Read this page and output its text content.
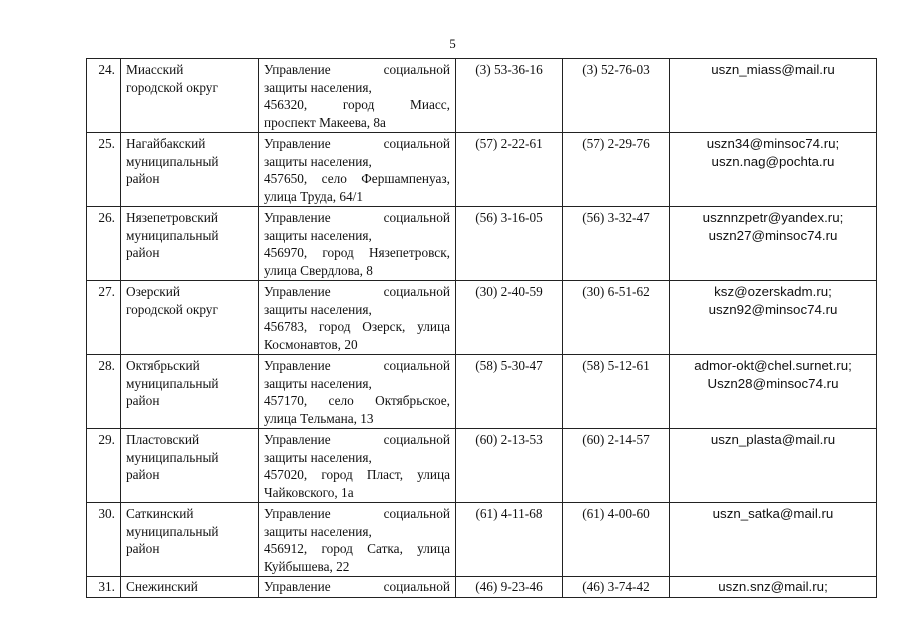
5
24.	Миасский
городской округ	Управление социальной
защиты населения,
456320, город Миасс,
проспект Макеева, 8а	(3) 53-36-16	(3) 52-76-03	uszn_miass@mail.ru

25.	Нагайбакский
муниципальный
район	Управление социальной
защиты населения,
457650, село Фершампенуаз,
улица Труда, 64/1	(57) 2-22-61	(57) 2-29-76	uszn34@minsoc74.ru;
uszn.nag@pochta.ru

26.	Нязепетровский
муниципальный
район	Управление социальной
защиты населения,
456970, город Нязепетровск,
улица Свердлова, 8	(56) 3-16-05	(56) 3-32-47	usznnzpetr@yandex.ru;
uszn27@minsoc74.ru

27.	Озерский
городской округ	Управление социальной
защиты населения,
456783, город Озерск, улица
Космонавтов, 20	(30) 2-40-59	(30) 6-51-62	ksz@ozerskadm.ru;
uszn92@minsoc74.ru

28.	Октябрьский
муниципальный
район	Управление социальной
защиты населения,
457170, село Октябрьское,
улица Тельмана, 13	(58) 5-30-47	(58) 5-12-61	admor-okt@chel.surnet.ru;
Uszn28@minsoc74.ru

29.	Пластовский
муниципальный
район	Управление социальной
защиты населения,
457020, город Пласт, улица
Чайковского, 1а	(60) 2-13-53	(60) 2-14-57	uszn_plasta@mail.ru

30.	Саткинский
муниципальный
район	Управление социальной
защиты населения,
456912, город Сатка, улица
Куйбышева, 22	(61) 4-11-68	(61) 4-00-60	uszn_satka@mail.ru

31.	Снежинский	Управление социальной	(46) 9-23-46	(46) 3-74-42	uszn.snz@mail.ru;
